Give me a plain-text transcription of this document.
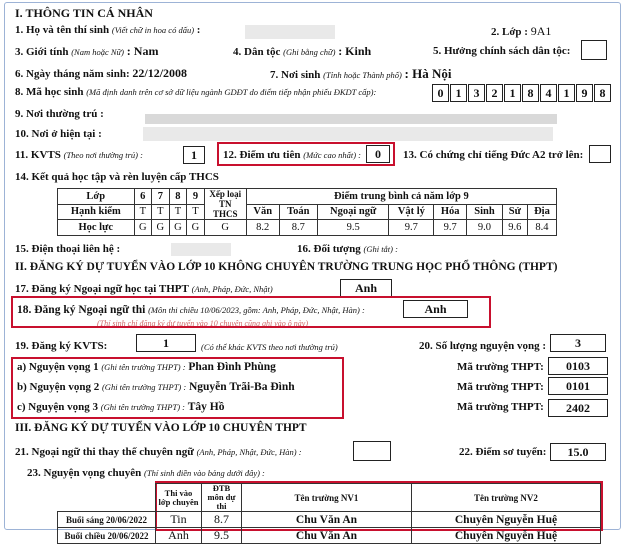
I. THÔNG TIN CÁ NHÂN
1. Họ và tên thí sinh (Viết chữ in hoa có dấu) :	2. Lớp : 9A1
3. Giới tính (Nam hoặc Nữ) : Nam	4. Dân tộc (Ghi bằng chữ) : Kinh	5. Hưởng chính sách dân tộc:
6. Ngày tháng năm sinh: 22/12/2008	7. Nơi sinh (Tỉnh hoặc Thành phố) : Hà Nội
8. Mã học sinh (Mã định danh trên cơ sở dữ liệu ngành GDĐT do điểm tiếp nhận phiếu ĐKDT cấp):	0	1	3	2	1	8	4	1	9	8
9. Nơi thường trú :
10. Nơi ở hiện tại :
11. KVTS (Theo nơi thường trú) :	1	12. Điểm ưu tiên (Mức cao nhất) :	0	13. Có chứng chỉ tiếng Đức A2 trở lên:
14. Kết quả học tập và rèn luyện cấp THCS
Lớp	6	7	8	9	Xếp loại TN THCS	Điểm trung bình cả năm lớp 9							
Hạnh kiểm	T	T	T	T		Văn	Toán	Ngoại ngữ	Vật lý	Hóa	Sinh	Sử	Địa
Học lực	G	G	G	G	G	8.2	8.7	9.5	9.7	9.7	9.0	9.6	8.4
15. Điện thoại liên hệ :	16. Đối tượng (Ghi tắt) :
II. ĐĂNG KÝ DỰ TUYỂN VÀO LỚP 10 KHÔNG CHUYÊN TRƯỜNG TRUNG HỌC PHỔ THÔNG (THPT)
17. Đăng ký Ngoại ngữ học tại THPT (Anh, Pháp, Đức, Nhật)	Anh
18. Đăng ký Ngoại ngữ thi (Môn thi chiều 10/06/2023, gồm: Anh, Pháp, Đức, Nhật, Hàn) :	Anh
(Thí sinh chỉ đăng ký dự tuyển vào 10 chuyên cũng ghi vào ô này)
19. Đăng ký KVTS:	1	(Có thể khác KVTS theo nơi thường trú)	20. Số lượng nguyện vọng :	3
a) Nguyện vọng 1 (Ghi tên trường THPT) : Phan Đình Phùng
b) Nguyện vọng 2 (Ghi tên trường THPT) : Nguyễn Trãi-Ba Đình
c) Nguyện vọng 3 (Ghi tên trường THPT) : Tây Hồ
Mã trường THPT:	0103
Mã trường THPT:	0101
Mã trường THPT:	2402
III. ĐĂNG KÝ DỰ TUYỂN VÀO LỚP 10 CHUYÊN THPT
21. Ngoại ngữ thi thay thế chuyên ngữ (Anh, Pháp, Nhật, Đức, Hàn) :	22. Điểm sơ tuyển:	15.0
23. Nguyện vọng chuyên (Thí sinh điền vào bảng dưới đây) :
	Thi vào lớp chuyên	ĐTB môn dự thi	Tên trường NV1	Tên trường NV2
Buổi sáng 20/06/2022	Tin	8.7	Chu Văn An	Chuyên Nguyễn Huệ
Buổi chiều 20/06/2022	Anh	9.5	Chu Văn An	Chuyên Nguyễn Huệ
